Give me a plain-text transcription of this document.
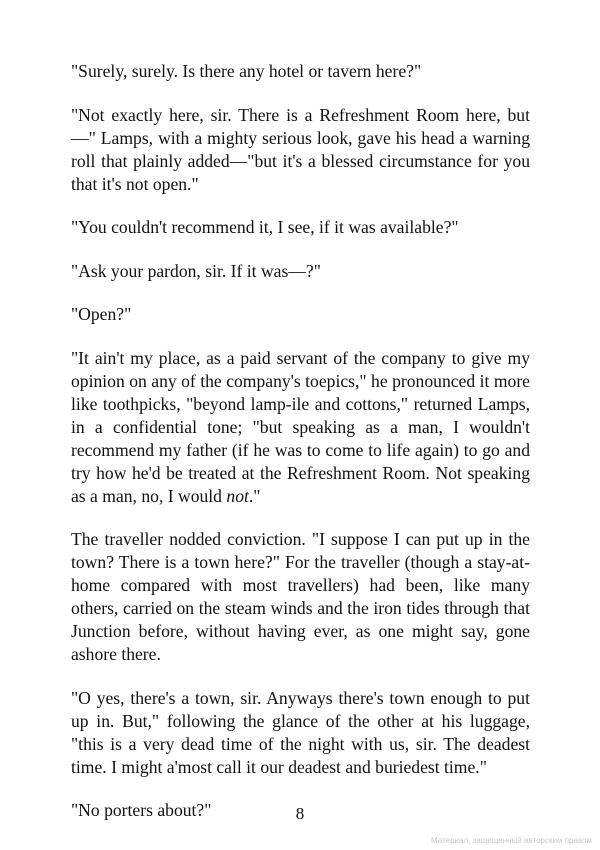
"Surely, surely. Is there any hotel or tavern here?"

"Not exactly here, sir. There is a Refreshment Room here, but—" Lamps, with a mighty serious look, gave his head a warning roll that plainly added—"but it's a blessed circumstance for you that it's not open."

"You couldn't recommend it, I see, if it was available?"

"Ask your pardon, sir. If it was—?"

"Open?"

"It ain't my place, as a paid servant of the company to give my opinion on any of the company's toepics," he pronounced it more like toothpicks, "beyond lamp-ile and cottons," returned Lamps, in a confidential tone; "but speaking as a man, I wouldn't recommend my father (if he was to come to life again) to go and try how he'd be treated at the Refreshment Room. Not speaking as a man, no, I would not."

The traveller nodded conviction. "I suppose I can put up in the town? There is a town here?" For the traveller (though a stay-at-home compared with most travellers) had been, like many others, carried on the steam winds and the iron tides through that Junction before, without having ever, as one might say, gone ashore there.

"O yes, there's a town, sir. Anyways there's town enough to put up in. But," following the glance of the other at his luggage, "this is a very dead time of the night with us, sir. The deadest time. I might a'most call it our deadest and buriedest time."

"No porters about?"	8
Материал, защищенный авторским правом
